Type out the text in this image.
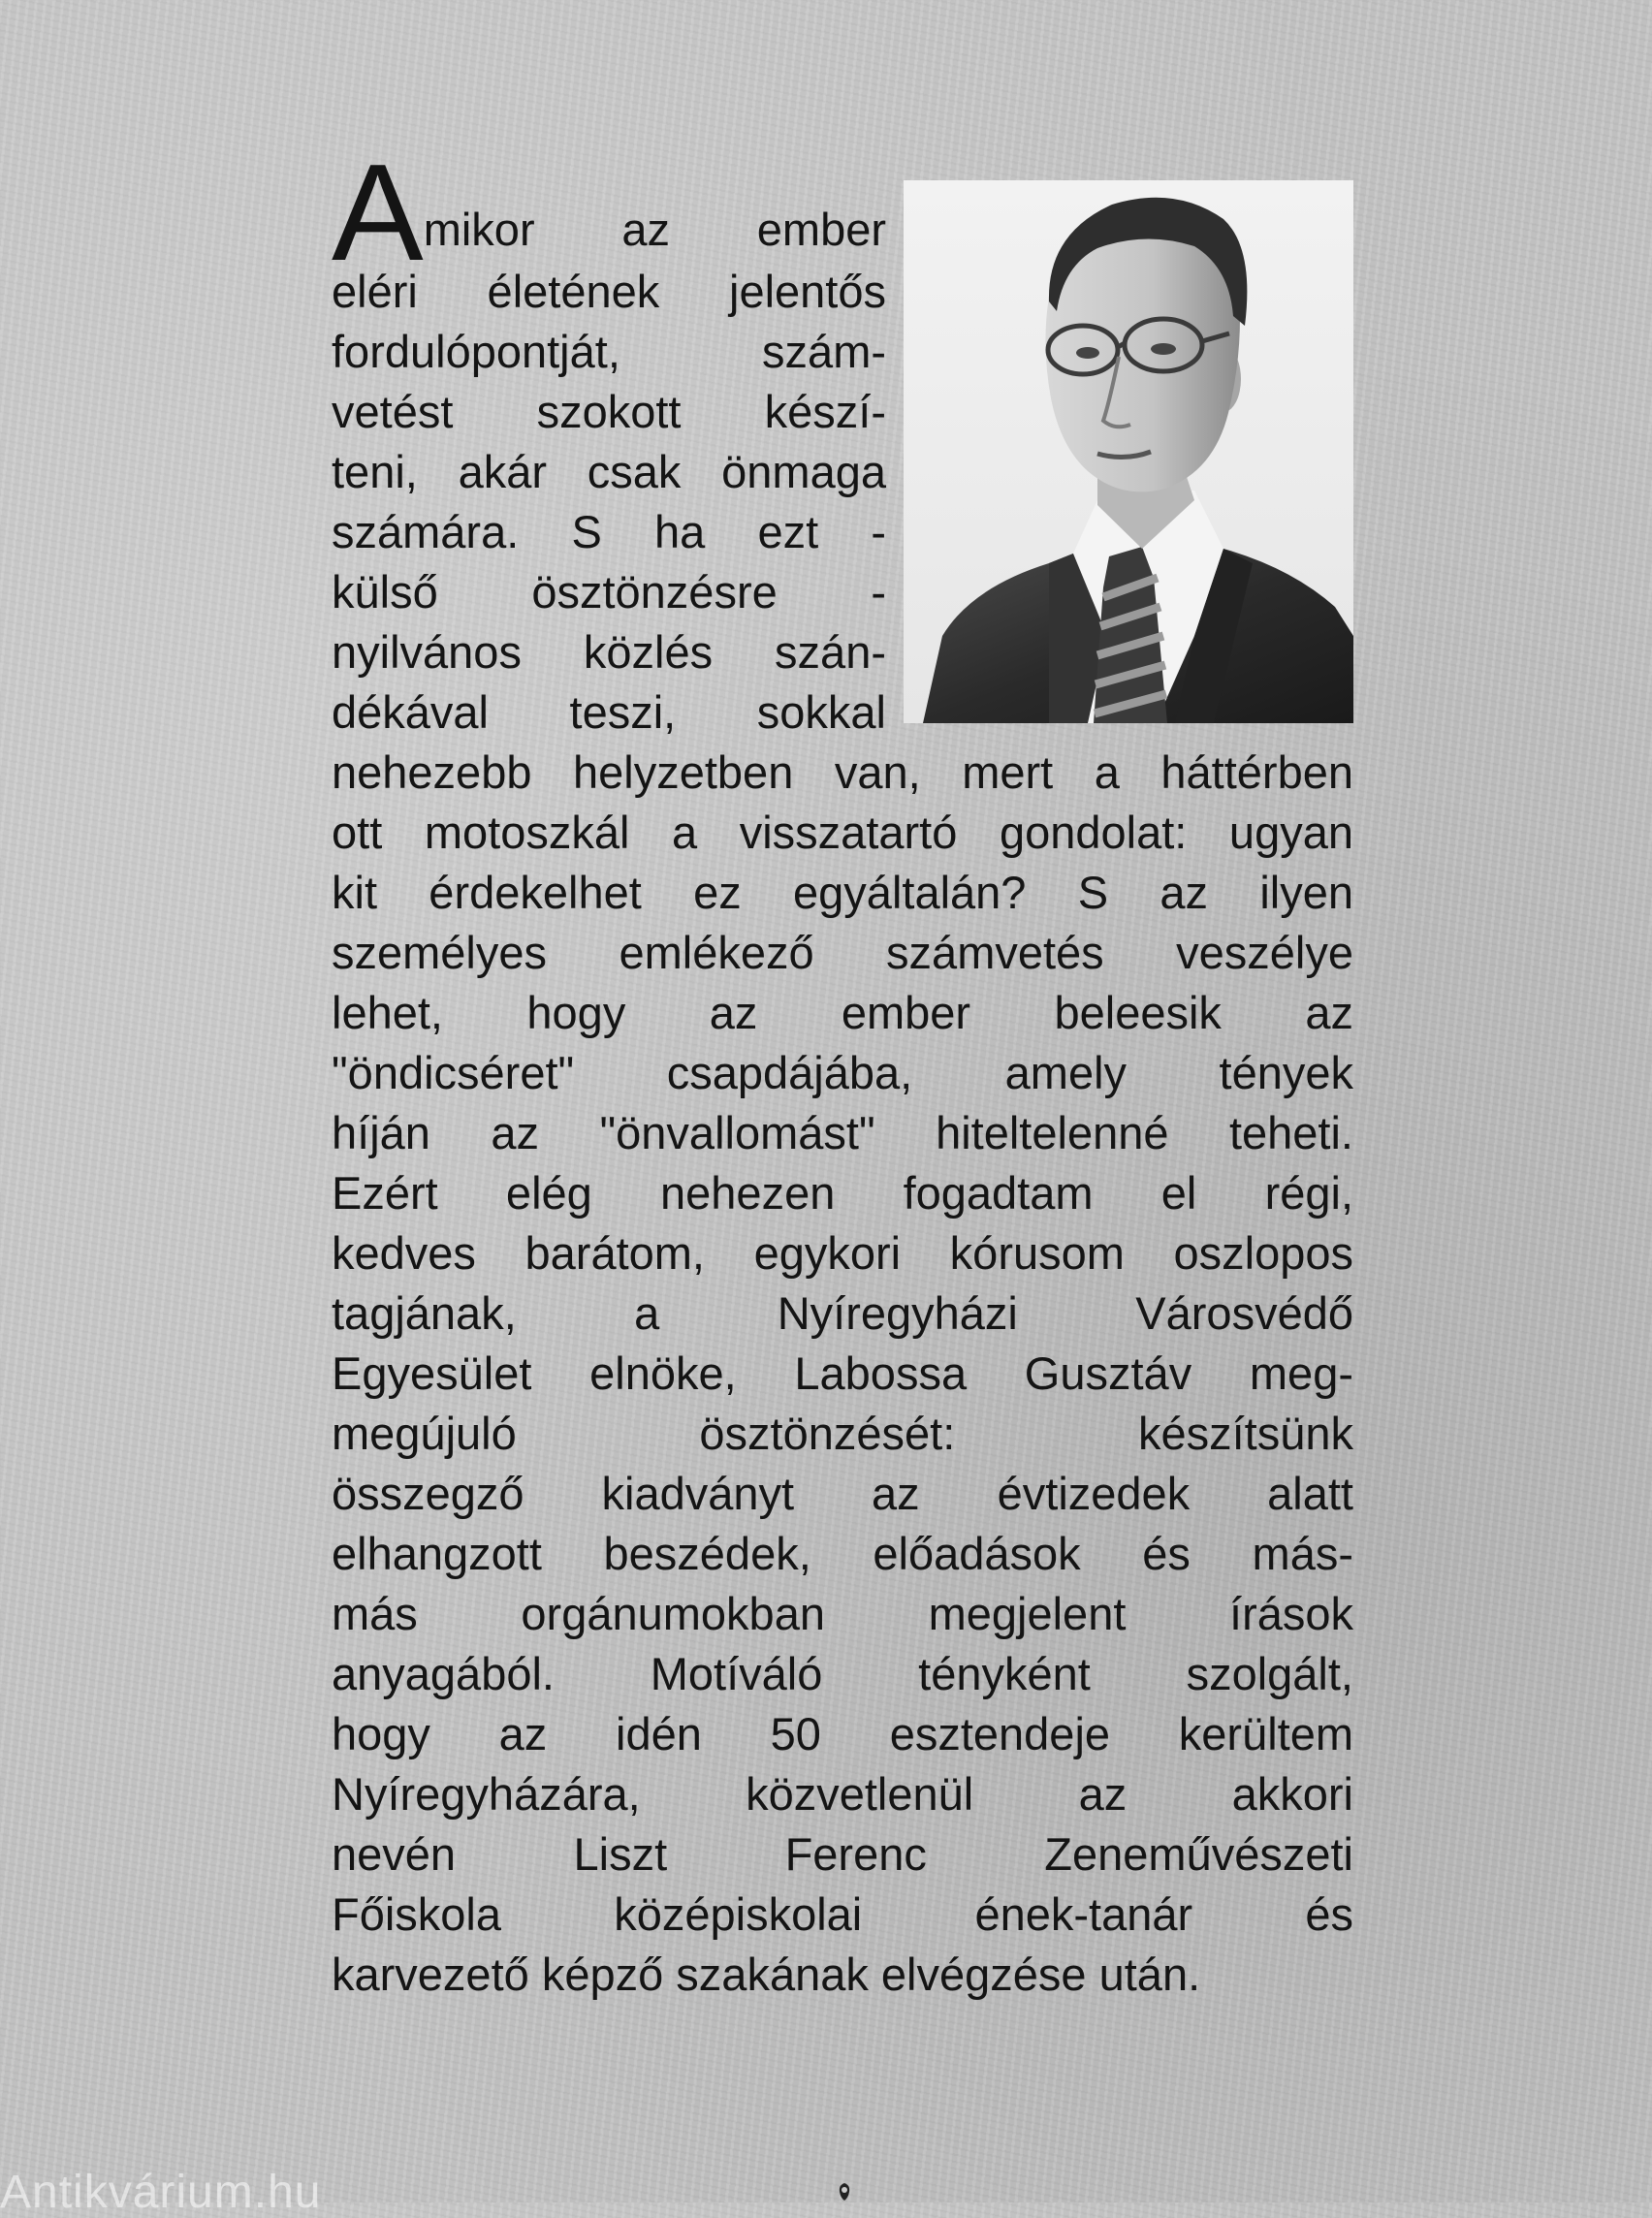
A mikor az ember
eléri életének jelentős
fordulópontját, szám-
vetést szokott készí-
teni, akár csak önmaga
számára. S ha ezt -
külső ösztönzésre -
nyilvános közlés szán-
dékával teszi, sokkal
nehezebb helyzetben van, mert a háttérben
ott motoszkál a visszatartó gondolat: ugyan
kit érdekelhet ez egyáltalán? S az ilyen
személyes emlékező számvetés veszélye
lehet, hogy az ember beleesik az
"öndicséret" csapdájába, amely tények
híján az "önvallomást" hiteltelenné teheti.
Ezért elég nehezen fogadtam el régi,
kedves barátom, egykori kórusom oszlopos
tagjának, a Nyíregyházi Városvédő
Egyesület elnöke, Labossa Gusztáv meg-
megújuló ösztönzését: készítsünk
összegző kiadványt az évtizedek alatt
elhangzott beszédek, előadások és más-
más orgánumokban megjelent írások
anyagából. Motíváló tényként szolgált,
hogy az idén 50 esztendeje kerültem
Nyíregyházára, közvetlenül az akkori
nevén Liszt Ferenc Zeneművészeti
Főiskola középiskolai ének-tanár és
karvezető képző szakának elvégzése után.
Antikvárium.hu
